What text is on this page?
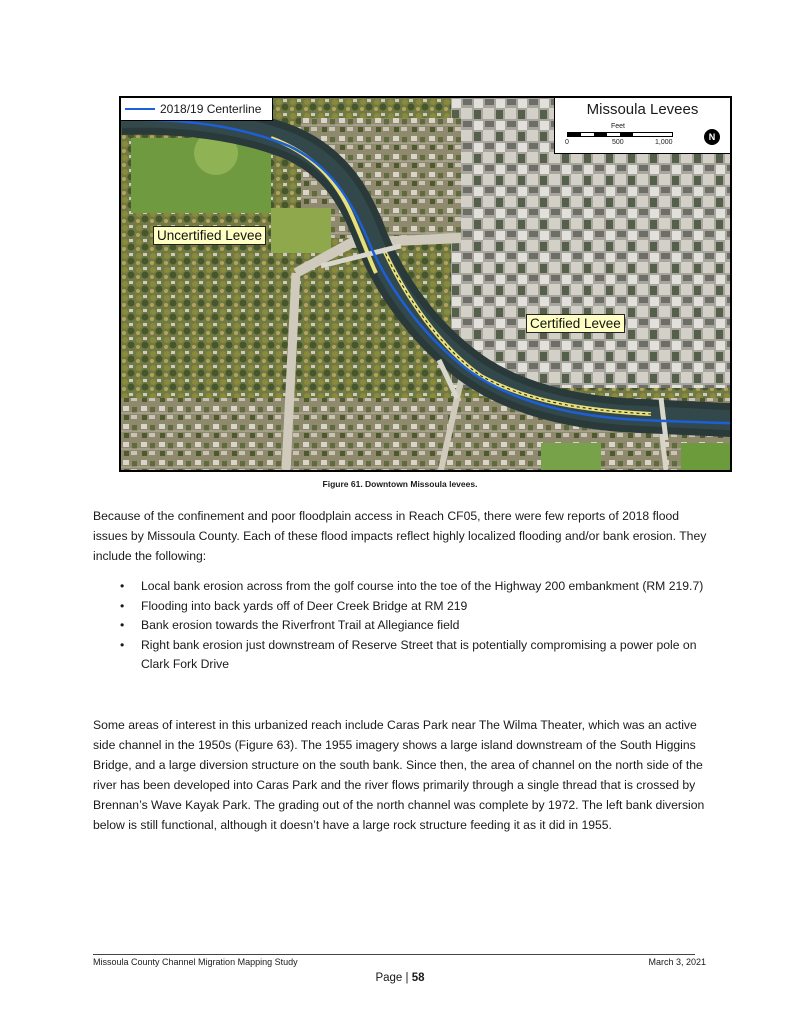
2018/19 Centerline	Missoula Levees
Feet
0	500	1,000
N
Uncertified Levee
Certified Levee
Figure 61. Downtown Missoula levees.

Because of the confinement and poor floodplain access in Reach CF05, there were few reports of 2018 flood issues by Missoula County. Each of these flood impacts reflect highly localized flooding and/or bank erosion. They include the following:

• Local bank erosion across from the golf course into the toe of the Highway 200 embankment (RM 219.7)
• Flooding into back yards off of Deer Creek Bridge at RM 219
• Bank erosion towards the Riverfront Trail at Allegiance field
• Right bank erosion just downstream of Reserve Street that is potentially compromising a power pole on Clark Fork Drive

Some areas of interest in this urbanized reach include Caras Park near The Wilma Theater, which was an active side channel in the 1950s (Figure 63). The 1955 imagery shows a large island downstream of the South Higgins Bridge, and a large diversion structure on the south bank. Since then, the area of channel on the north side of the river has been developed into Caras Park and the river flows primarily through a single thread that is crossed by Brennan’s Wave Kayak Park. The grading out of the north channel was complete by 1972. The left bank diversion below is still functional, although it doesn’t have a large rock structure feeding it as it did in 1955.

Missoula County Channel Migration Mapping Study	March 3, 2021
Page | 58
